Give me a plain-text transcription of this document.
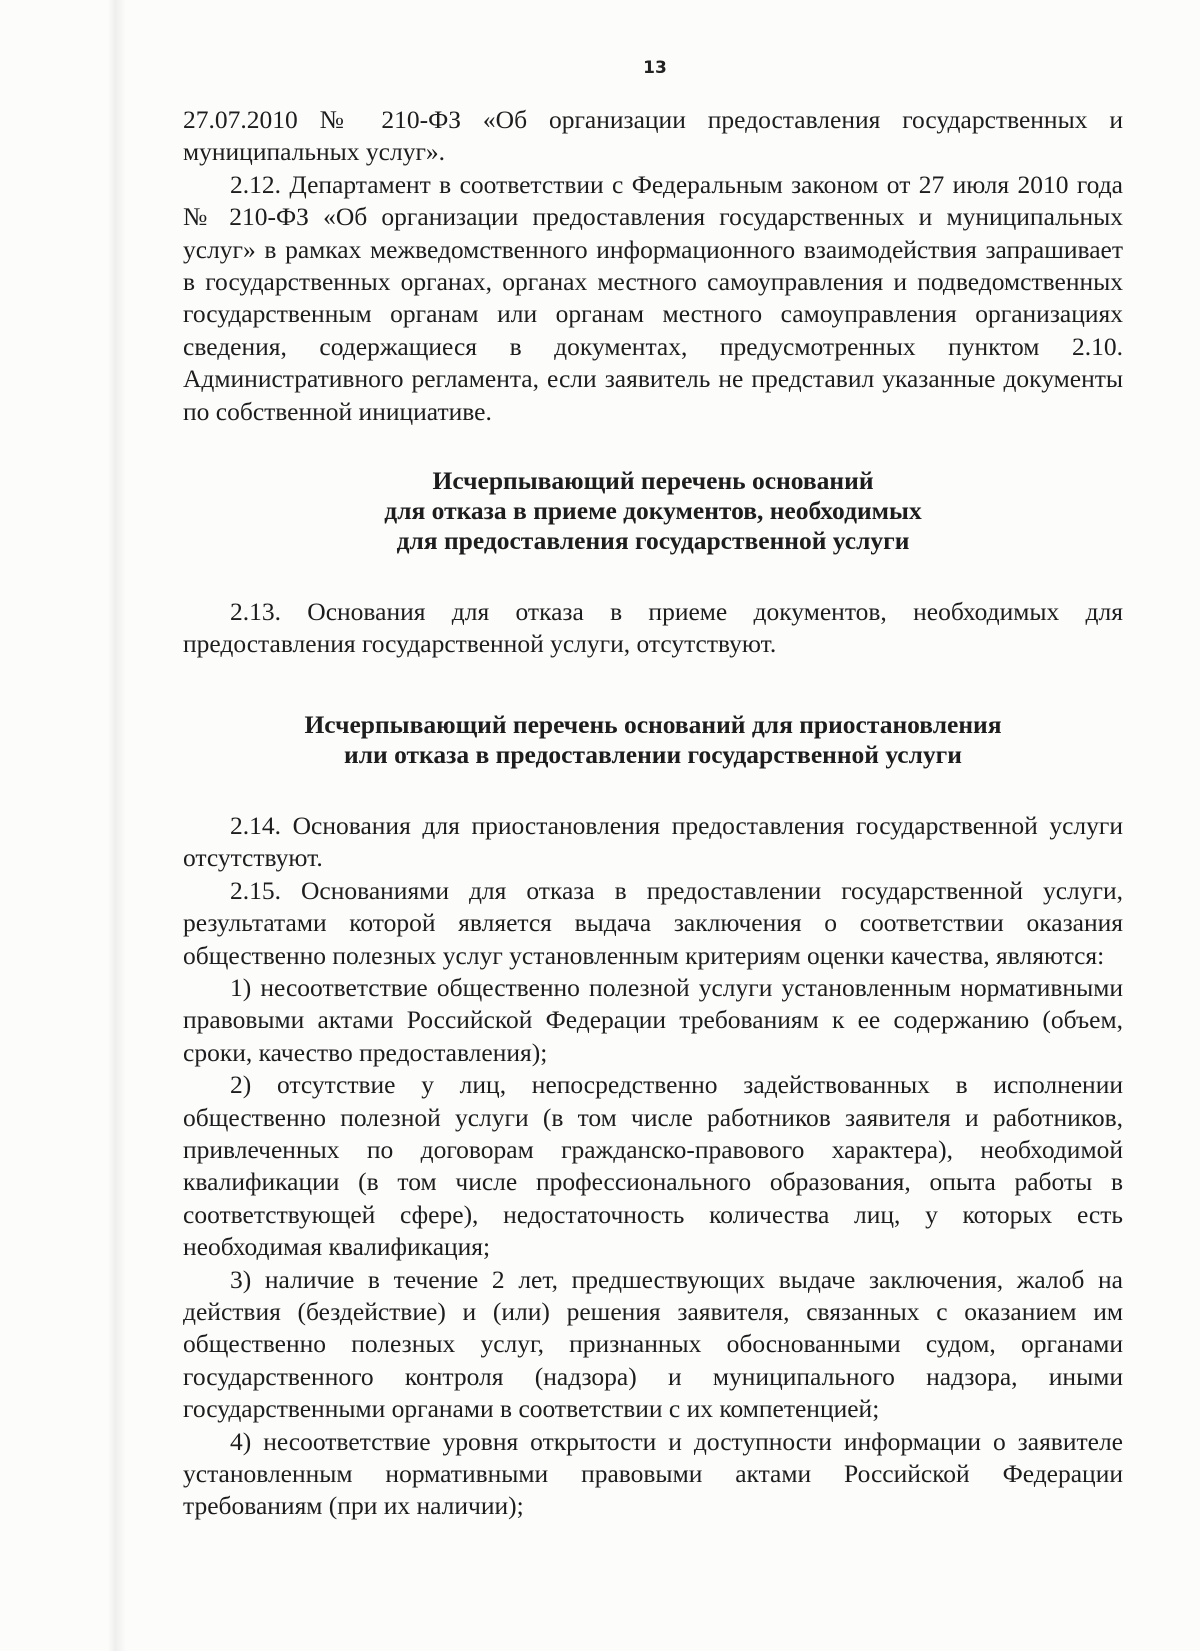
13

27.07.2010 № 210-ФЗ «Об организации предоставления государственных и муниципальных услуг».

2.12. Департамент в соответствии с Федеральным законом от 27 июля 2010 года № 210-ФЗ «Об организации предоставления государственных и муниципальных услуг» в рамках межведомственного информационного взаимодействия запрашивает в государственных органах, органах местного самоуправления и подведомственных государственным органам или органам местного самоуправления организациях сведения, содержащиеся в документах, предусмотренных пунктом 2.10. Административного регламента, если заявитель не представил указанные документы по собственной инициативе.

Исчерпывающий перечень оснований
для отказа в приеме документов, необходимых
для предоставления государственной услуги

2.13. Основания для отказа в приеме документов, необходимых для предоставления государственной услуги, отсутствуют.

Исчерпывающий перечень оснований для приостановления
или отказа в предоставлении государственной услуги

2.14. Основания для приостановления предоставления государственной услуги отсутствуют.

2.15. Основаниями для отказа в предоставлении государственной услуги, результатами которой является выдача заключения о соответствии оказания общественно полезных услуг установленным критериям оценки качества, являются:

1) несоответствие общественно полезной услуги установленным нормативными правовыми актами Российской Федерации требованиям к ее содержанию (объем, сроки, качество предоставления);

2) отсутствие у лиц, непосредственно задействованных в исполнении общественно полезной услуги (в том числе работников заявителя и работников, привлеченных по договорам гражданско-правового характера), необходимой квалификации (в том числе профессионального образования, опыта работы в соответствующей сфере), недостаточность количества лиц, у которых есть необходимая квалификация;

3) наличие в течение 2 лет, предшествующих выдаче заключения, жалоб на действия (бездействие) и (или) решения заявителя, связанных с оказанием им общественно полезных услуг, признанных обоснованными судом, органами государственного контроля (надзора) и муниципального надзора, иными государственными органами в соответствии с их компетенцией;

4) несоответствие уровня открытости и доступности информации о заявителе установленным нормативными правовыми актами Российской Федерации требованиям (при их наличии);
